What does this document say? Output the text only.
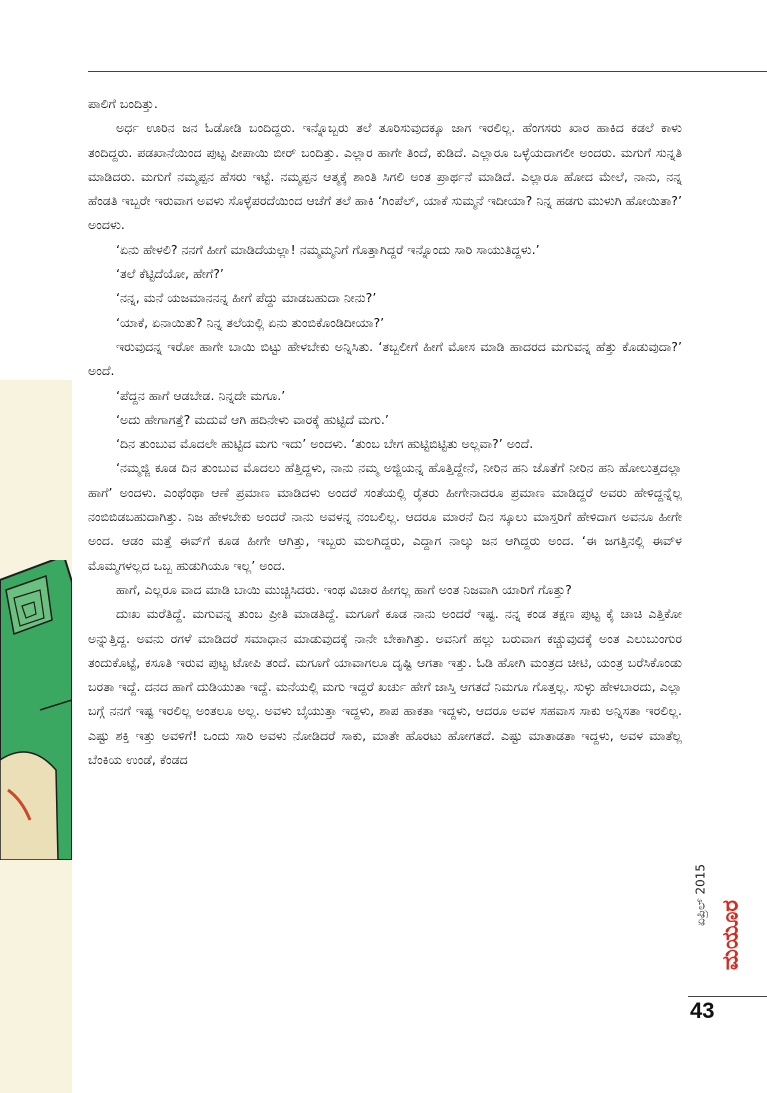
ಪಾಲಿಗೆ ಬಂದಿತ್ತು.

ಅರ್ಧ ಊರಿನ ಜನ ಓಡೋಡಿ ಬಂದಿದ್ದರು. ಇನ್ನೊಬ್ಬರು ತಲೆ ತೂರಿಸುವುದಕ್ಕೂ ಜಾಗ ಇರಲಿಲ್ಲ. ಹೆಂಗಸರು ಖಾರ ಹಾಕಿದ ಕಡಲೆ ಕಾಳು ತಂದಿದ್ದರು. ಪಡಖಾನೆಯಿಂದ ಪುಟ್ಟ ಪೀಪಾಯಿ ಬೀರ್ ಬಂದಿತ್ತು. ಎಲ್ಲಾರ ಹಾಗೇ ತಿಂದೆ, ಕುಡಿದೆ. ಎಲ್ಲಾರೂ ಒಳ್ಳೆಯದಾಗಲೀ ಅಂದರು. ಮಗುಗೆ ಸುನ್ನತಿ ಮಾಡಿದರು. ಮಗುಗೆ ನಮ್ಮಪ್ಪನ ಹೆಸರು ಇಟ್ಟೆ. ನಮ್ಮಪ್ಪನ ಆತ್ಮಕ್ಕೆ ಶಾಂತಿ ಸಿಗಲಿ ಅಂತ ಪ್ರಾರ್ಥನೆ ಮಾಡಿದೆ. ಎಲ್ಲಾರೂ ಹೋದ ಮೇಲೆ, ನಾನು, ನನ್ನ ಹೆಂಡತಿ ಇಬ್ಬರೇ ಇರುವಾಗ ಅವಳು ಸೊಳ್ಳೆಪರದೆಯಿಂದ ಆಚೆಗೆ ತಲೆ ಹಾಕಿ ‘ಗಿಂಪೆಲ್, ಯಾಕೆ ಸುಮ್ಮನೆ ಇದೀಯಾ? ನಿನ್ನ ಹಡಗು ಮುಳುಗಿ ಹೋಯಿತಾ?’ ಅಂದಳು.

‘ಏನು ಹೇಳಲಿ? ನನಗೆ ಹೀಗೆ ಮಾಡಿದೆಯಲ್ಲಾ! ನಮ್ಮಮ್ಮನಿಗೆ ಗೊತ್ತಾಗಿದ್ದರೆ ಇನ್ನೊಂದು ಸಾರಿ ಸಾಯುತಿದ್ದಳು.’

‘ತಲೆ ಕೆಟ್ಟಿದೆಯೋ, ಹೇಗೆ?’

‘ನನ್ನ, ಮನೆ ಯಜಮಾನನನ್ನ ಹೀಗೆ ಪೆದ್ದು ಮಾಡಬಹುದಾ ನೀನು?’

‘ಯಾಕೆ, ಏನಾಯಿತು? ನಿನ್ನ ತಲೆಯಲ್ಲಿ ಏನು ತುಂಬಿಕೊಂಡಿದೀಯಾ?’

ಇರುವುದನ್ನ ಇರೋ ಹಾಗೇ ಬಾಯಿ ಬಿಟ್ಟು ಹೇಳಬೇಕು ಅನ್ನಿಸಿತು. ‘ತಬ್ಬಲೀಗೆ ಹೀಗೆ ಮೋಸ ಮಾಡಿ ಹಾದರದ ಮಗುವನ್ನ ಹೆತ್ತು ಕೊಡುವುದಾ?’ ಅಂದೆ.

‘ಪೆದ್ದನ ಹಾಗೆ ಆಡಬೇಡ. ನಿನ್ನದೇ ಮಗೂ.’

‘ಅದು ಹೇಗಾಗತ್ತೆ? ಮದುವೆ ಆಗಿ ಹದಿನೇಳು ವಾರಕ್ಕೆ ಹುಟ್ಟಿದೆ ಮಗು.’

‘ದಿನ ತುಂಬುವ ಮೊದಲೇ ಹುಟ್ಟಿದ ಮಗು ಇದು’ ಅಂದಳು. ‘ತುಂಬ ಬೇಗ ಹುಟ್ಟಿಬಿಟ್ಟಿತು ಅಲ್ಲವಾ?’ ಅಂದೆ.

‘ನಮ್ಮಜ್ಜಿ ಕೂಡ ದಿನ ತುಂಬುವ ಮೊದಲು ಹೆತ್ತಿದ್ದಳು, ನಾನು ನಮ್ಮ ಅಜ್ಜಿಯನ್ನ ಹೊತ್ತಿದ್ದೇನೆ, ನೀರಿನ ಹನಿ ಜೊತೆಗೆ ನೀರಿನ ಹನಿ ಹೋಲುತ್ತದಲ್ಲಾ ಹಾಗೆ’ ಅಂದಳು. ಎಂಥೆಂಥಾ ಆಣೆ ಪ್ರಮಾಣ ಮಾಡಿದಳು ಅಂದರೆ ಸಂತೆಯಲ್ಲಿ ರೈತರು ಹೀಗೇನಾದರೂ ಪ್ರಮಾಣ ಮಾಡಿದ್ದರೆ ಅವರು ಹೇಳಿದ್ದನ್ನೆಲ್ಲ ನಂಬಿಬಿಡಬಹುದಾಗಿತ್ತು. ನಿಜ ಹೇಳಬೇಕು ಅಂದರೆ ನಾನು ಅವಳನ್ನ ನಂಬಲಿಲ್ಲ. ಆದರೂ ಮಾರನೆ ದಿನ ಸ್ಕೂಲು ಮಾಸ್ತರಿಗೆ ಹೇಳಿದಾಗ ಅವನೂ ಹೀಗೇ ಅಂದ. ಆಡಂ ಮತ್ತೆ ಈವ್‌ಗೆ ಕೂಡ ಹೀಗೇ ಆಗಿತ್ತು, ಇಬ್ಬರು ಮಲಗಿದ್ದರು, ಎದ್ದಾಗ ನಾಲ್ಕು ಜನ ಆಗಿದ್ದರು ಅಂದ. ‘ಈ ಜಗತ್ತಿನಲ್ಲಿ ಈವ್‌ಳ ಮೊಮ್ಮಗಳಲ್ಲದ ಒಬ್ಬ ಹುಡುಗಿಯೂ ಇಲ್ಲ’ ಅಂದ.

ಹಾಗೆ, ಎಲ್ಲರೂ ವಾದ ಮಾಡಿ ಬಾಯಿ ಮುಚ್ಚಿಸಿದರು. ಇಂಥ ವಿಚಾರ ಹೀಗಲ್ಲ ಹಾಗೆ ಅಂತ ನಿಜವಾಗಿ ಯಾರಿಗೆ ಗೊತ್ತು?

ದುಃಖ ಮರೆತಿದ್ದೆ. ಮಗುವನ್ನ ತುಂಬ ಪ್ರೀತಿ ಮಾಡತಿದ್ದೆ. ಮಗೂಗೆ ಕೂಡ ನಾನು ಅಂದರೆ ಇಷ್ಟ. ನನ್ನ ಕಂಡ ತಕ್ಷಣ ಪುಟ್ಟ ಕೈ ಚಾಚಿ ಎತ್ತಿಕೋ ಅನ್ನುತ್ತಿದ್ದ. ಅವನು ರಗಳೆ ಮಾಡಿದರೆ ಸಮಾಧಾನ ಮಾಡುವುದಕ್ಕೆ ನಾನೇ ಬೇಕಾಗಿತ್ತು. ಅವನಿಗೆ ಹಲ್ಲು ಬರುವಾಗ ಕಚ್ಚುವುದಕ್ಕೆ ಅಂತ ಎಲುಬುಂಗುರ ತಂದುಕೊಟ್ಟೆ, ಕಸೂತಿ ಇರುವ ಪುಟ್ಟ ಟೋಪಿ ತಂದೆ. ಮಗೂಗೆ ಯಾವಾಗಲೂ ದೃಷ್ಟಿ ಆಗತಾ ಇತ್ತು. ಓಡಿ ಹೋಗಿ ಮಂತ್ರದ ಚೀಟಿ, ಯಂತ್ರ ಬರೆಸಿಕೊಂಡು ಬರತಾ ಇದ್ದೆ. ದನದ ಹಾಗೆ ದುಡಿಯುತಾ ಇದ್ದೆ. ಮನೆಯಲ್ಲಿ ಮಗು ಇದ್ದರೆ ಖರ್ಚು ಹೇಗೆ ಜಾಸ್ತಿ ಆಗತದೆ ನಿಮಗೂ ಗೊತ್ತಲ್ಲ. ಸುಳ್ಳು ಹೇಳಬಾರದು, ಎಲ್ಲಾ ಬಗ್ಗೆ ನನಗೆ ಇಷ್ಟ ಇರಲಿಲ್ಲ ಅಂತಲೂ ಅಲ್ಲ. ಅವಳು ಬೈಯುತ್ತಾ ಇದ್ದಳು, ಶಾಪ ಹಾಕತಾ ಇದ್ದಳು, ಆದರೂ ಅವಳ ಸಹವಾಸ ಸಾಕು ಅನ್ನಿಸತಾ ಇರಲಿಲ್ಲ. ಎಷ್ಟು ಶಕ್ತಿ ಇತ್ತು ಅವಳಿಗೆ! ಒಂದು ಸಾರಿ ಅವಳು ನೋಡಿದರೆ ಸಾಕು, ಮಾತೇ ಹೊರಟು ಹೋಗತದೆ. ಎಷ್ಟು ಮಾತಾಡತಾ ಇದ್ದಳು, ಅವಳ ಮಾತೆಲ್ಲ ಬೆಂಕಿಯ ಉಂಡೆ, ಕೆಂಡದ

ಏಪ್ರಿಲ್ 2015
ಮಯೂರ
43
